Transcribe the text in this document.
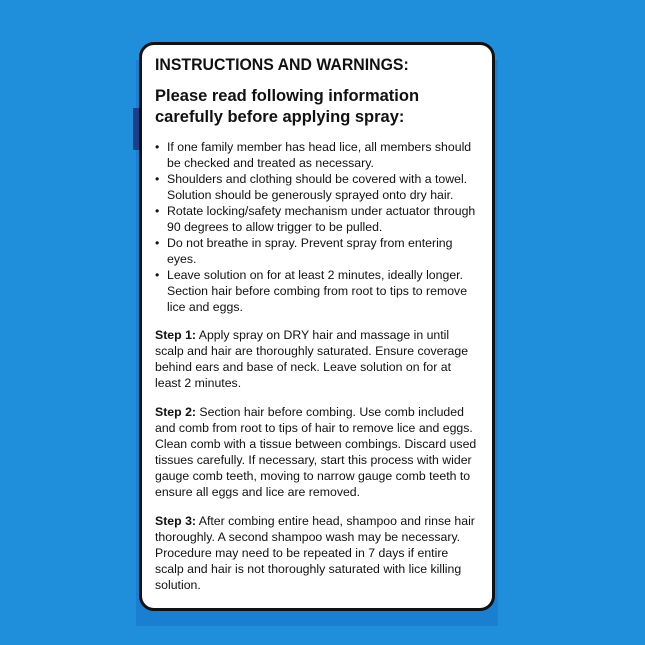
INSTRUCTIONS AND WARNINGS:
Please read following information carefully before applying spray:
• If one family member has head lice, all members should be checked and treated as necessary.
• Shoulders and clothing should be covered with a towel. Solution should be generously sprayed onto dry hair.
• Rotate locking/safety mechanism under actuator through 90 degrees to allow trigger to be pulled.
• Do not breathe in spray. Prevent spray from entering eyes.
• Leave solution on for at least 2 minutes, ideally longer. Section hair before combing from root to tips to remove lice and eggs.

Step 1: Apply spray on DRY hair and massage in until scalp and hair are thoroughly saturated. Ensure coverage behind ears and base of neck. Leave solution on for at least 2 minutes.

Step 2: Section hair before combing. Use comb included and comb from root to tips of hair to remove lice and eggs. Clean comb with a tissue between combings. Discard used tissues carefully. If necessary, start this process with wider gauge comb teeth, moving to narrow gauge comb teeth to ensure all eggs and lice are removed.

Step 3: After combing entire head, shampoo and rinse hair thoroughly. A second shampoo wash may be necessary. Procedure may need to be repeated in 7 days if entire scalp and hair is not thoroughly saturated with lice killing solution.
